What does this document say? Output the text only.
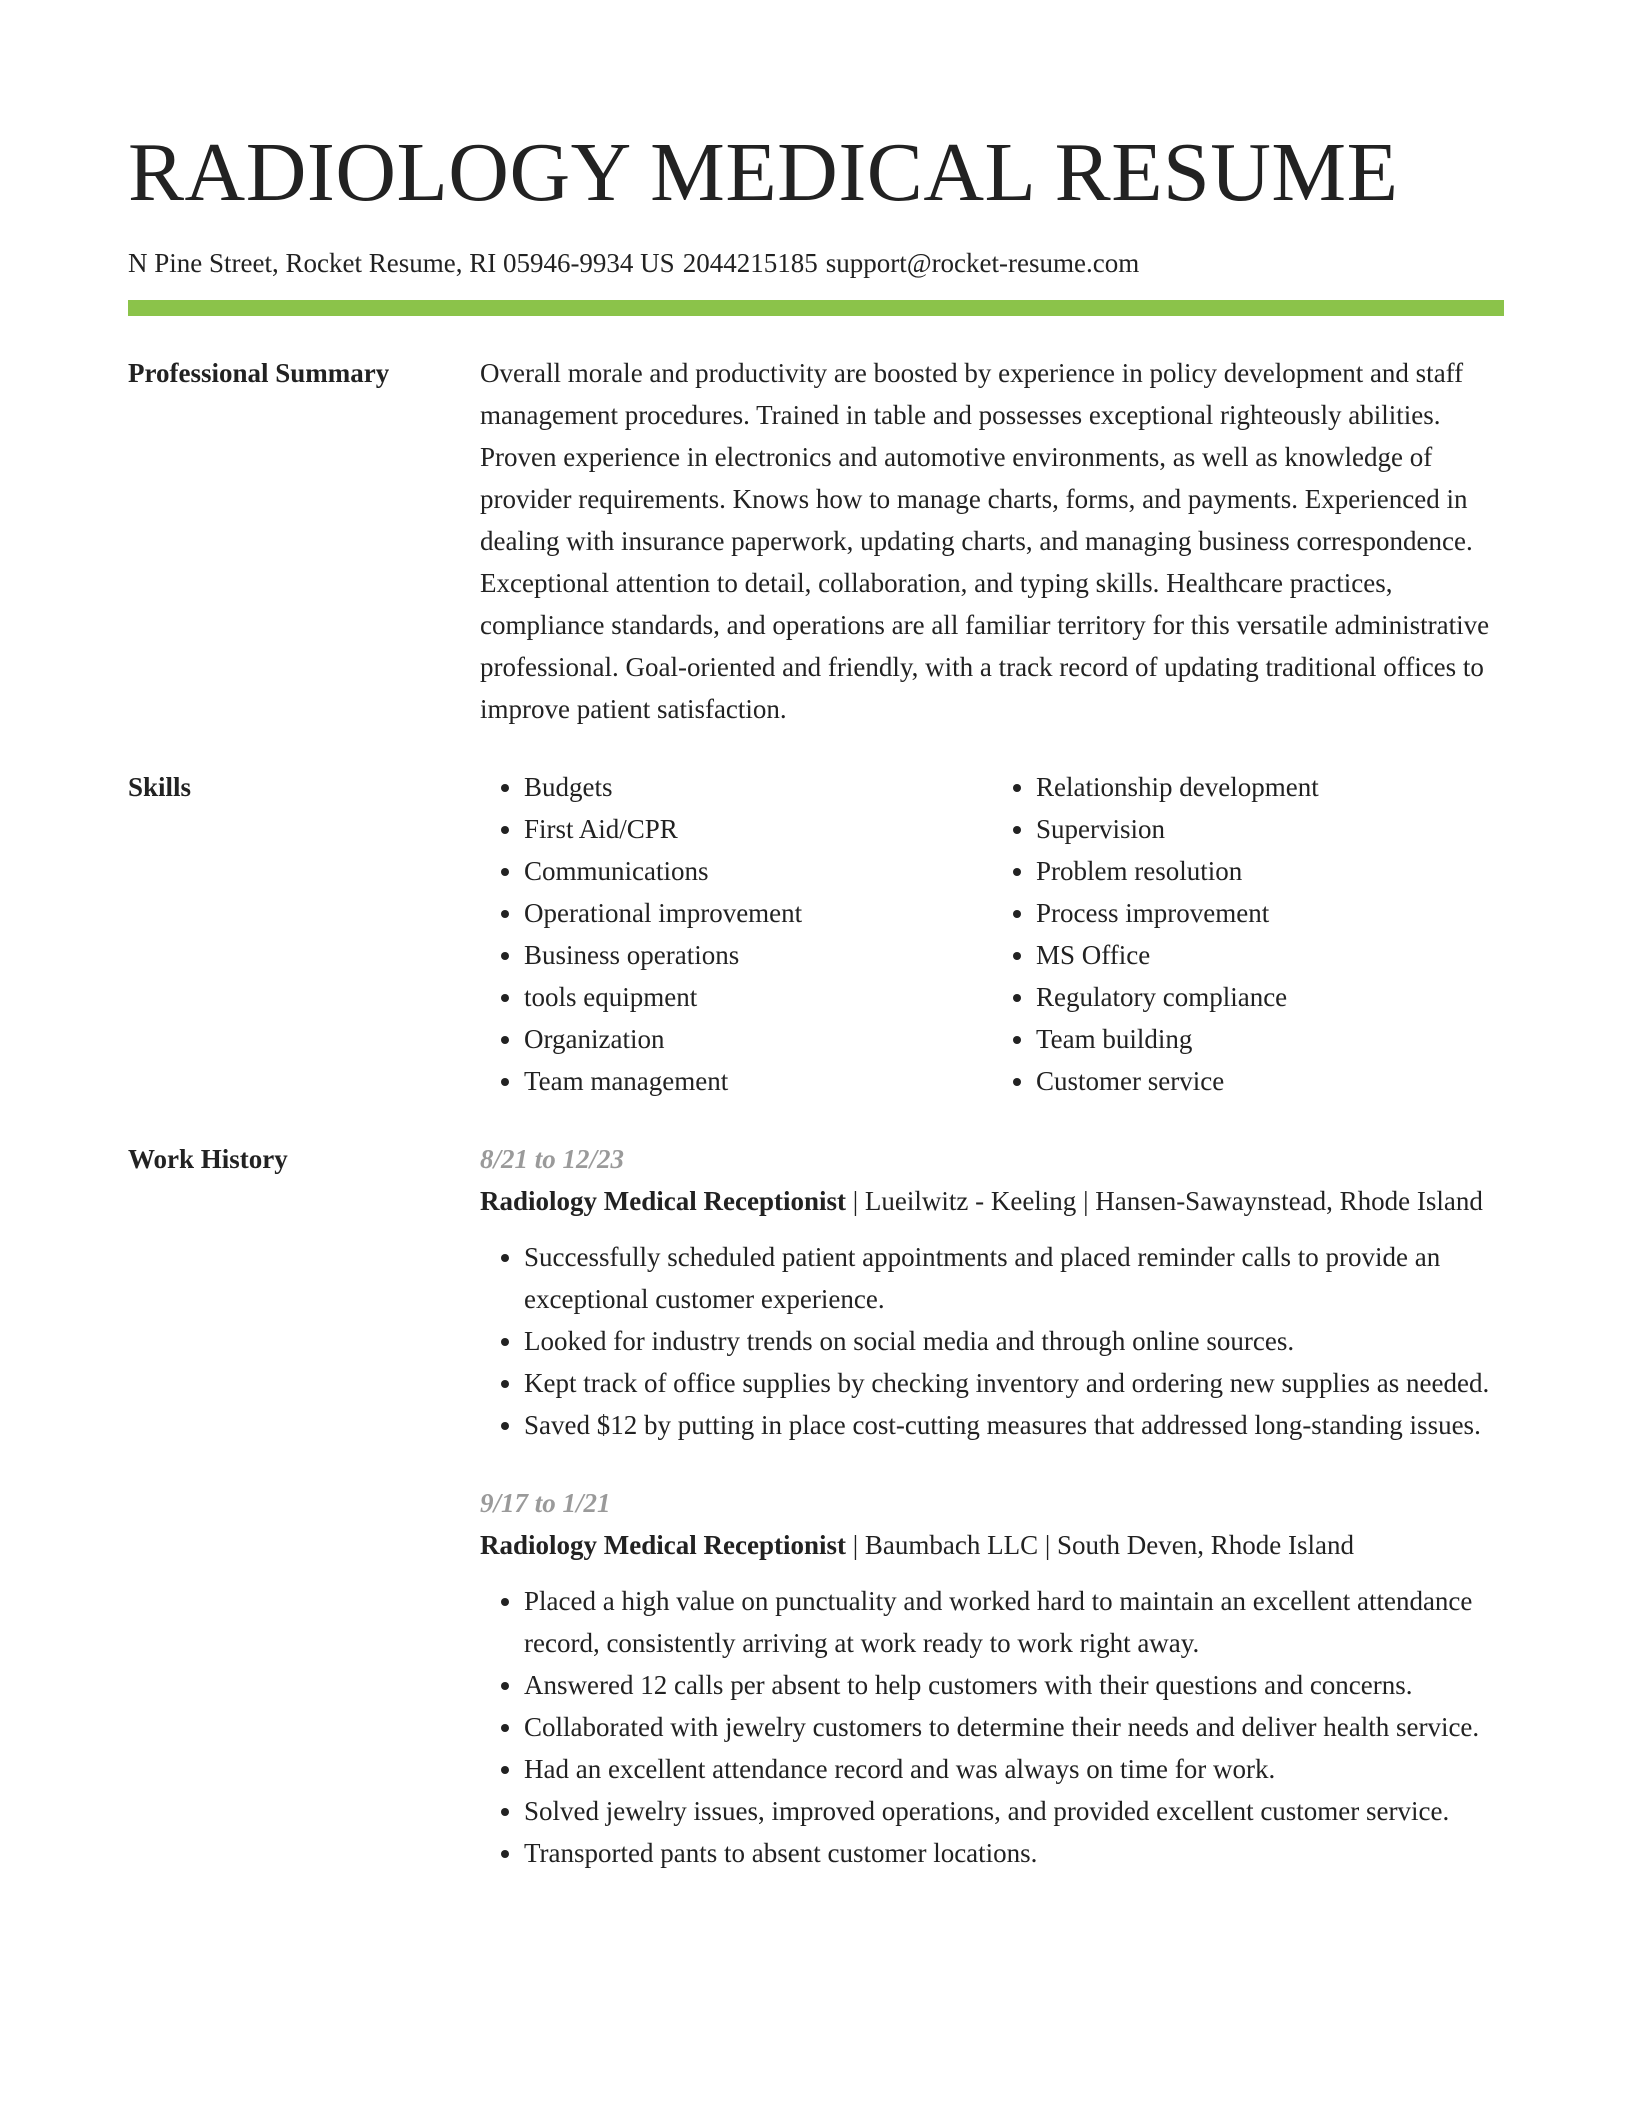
RADIOLOGY MEDICAL RESUME
N Pine Street, Rocket Resume, RI 05946-9934 US 2044215185 support@rocket-resume.com
Professional Summary	Overall morale and productivity are boosted by experience in policy development and staff management procedures. Trained in table and possesses exceptional righteously abilities. Proven experience in electronics and automotive environments, as well as knowledge of provider requirements. Knows how to manage charts, forms, and payments. Experienced in dealing with insurance paperwork, updating charts, and managing business correspondence. Exceptional attention to detail, collaboration, and typing skills. Healthcare practices, compliance standards, and operations are all familiar territory for this versatile administrative professional. Goal-oriented and friendly, with a track record of updating traditional offices to improve patient satisfaction.

Skills
•	Budgets
• First Aid/CPR
• Communications
• Operational improvement
• Business operations
• tools equipment
• Organization
• Team management
• Relationship development
• Supervision
• Problem resolution
• Process improvement
• MS Office
• Regulatory compliance
• Team building
• Customer service
Work History	8/21 to 12/23
Radiology Medical Receptionist | Lueilwitz - Keeling | Hansen-Sawaynstead, Rhode Island
• Successfully scheduled patient appointments and placed reminder calls to provide an exceptional customer experience.
• Looked for industry trends on social media and through online sources.
• Kept track of office supplies by checking inventory and ordering new supplies as needed.
• Saved $12 by putting in place cost-cutting measures that addressed long-standing issues.
9/17 to 1/21
Radiology Medical Receptionist | Baumbach LLC | South Deven, Rhode Island
• Placed a high value on punctuality and worked hard to maintain an excellent attendance record, consistently arriving at work ready to work right away.
• Answered 12 calls per absent to help customers with their questions and concerns.
• Collaborated with jewelry customers to determine their needs and deliver health service.
• Had an excellent attendance record and was always on time for work.
• Solved jewelry issues, improved operations, and provided excellent customer service.
• Transported pants to absent customer locations.
